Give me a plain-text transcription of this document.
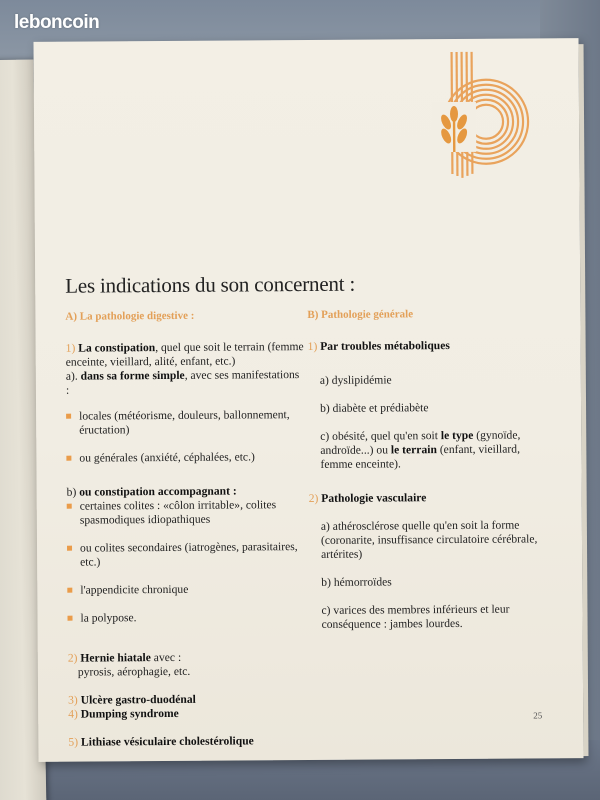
Les indications du son concernent :
A) La pathologie digestive :

1) La constipation, quel que soit le terrain (femme enceinte, vieillard, alité, enfant, etc.)

a). dans sa forme simple, avec ses manifestations :

locales (météorisme, douleurs, ballonnement, éructation)
ou générales (anxiété, céphalées, etc.)

b) ou constipation accompagnant :

certaines colites : «côlon irritable», colites spasmodiques idiopathiques
ou colites secondaires (iatrogènes, parasitaires, etc.)
l'appendicite chronique
la polypose.

2) Hernie hiatale avec :

pyrosis, aérophagie, etc.

3) Ulcère gastro-duodénal

4) Dumping syndrome

5) Lithiase vésiculaire cholestérolique

B) Pathologie générale

1) Par troubles métaboliques

a) dyslipidémie

b) diabète et prédiabète

c) obésité, quel qu'en soit le type (gynoïde, androïde...) ou le terrain (enfant, vieillard, femme enceinte).

2) Pathologie vasculaire

a) athérosclérose quelle qu'en soit la forme (coronarite, insuffisance circulatoire cérébrale, artérites)

b) hémorroïdes

c) varices des membres inférieurs et leur conséquence : jambes lourdes.

25
leboncoin
